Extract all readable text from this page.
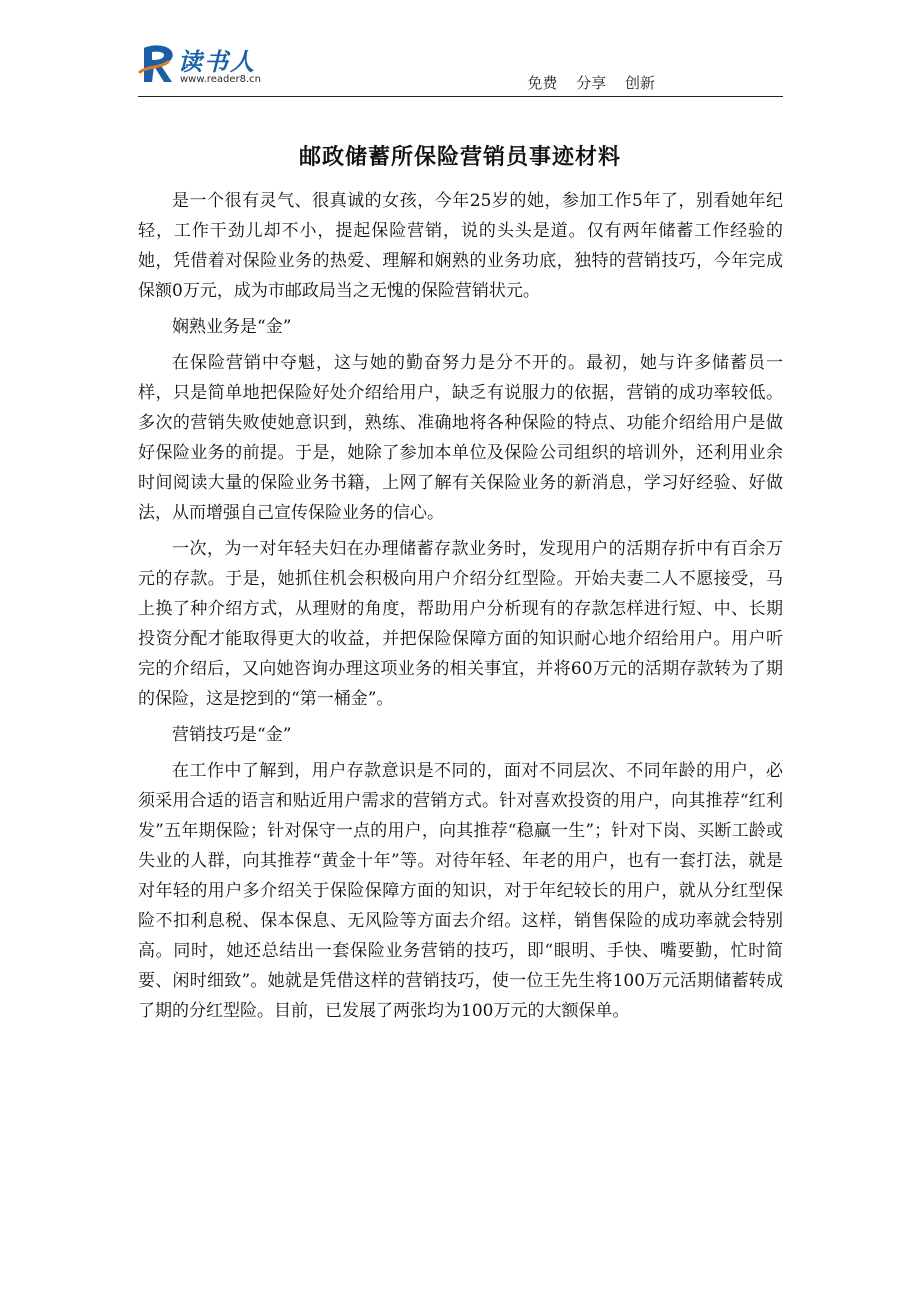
读书人
www.reader8.cn	免费 分享 创新
邮政储蓄所保险营销员事迹材料

是一个很有灵气、很真诚的女孩，今年25岁的她，参加工作5年了，别看她年纪轻，工作干劲儿却不小，提起保险营销，说的头头是道。仅有两年储蓄工作经验的她，凭借着对保险业务的热爱、理解和娴熟的业务功底，独特的营销技巧，今年完成保额0万元，成为市邮政局当之无愧的保险营销状元。

娴熟业务是“金”

在保险营销中夺魁，这与她的勤奋努力是分不开的。最初，她与许多储蓄员一样，只是简单地把保险好处介绍给用户，缺乏有说服力的依据，营销的成功率较低。多次的营销失败使她意识到，熟练、准确地将各种保险的特点、功能介绍给用户是做好保险业务的前提。于是，她除了参加本单位及保险公司组织的培训外，还利用业余时间阅读大量的保险业务书籍，上网了解有关保险业务的新消息，学习好经验、好做法，从而增强自己宣传保险业务的信心。

一次，为一对年轻夫妇在办理储蓄存款业务时，发现用户的活期存折中有百余万元的存款。于是，她抓住机会积极向用户介绍分红型险。开始夫妻二人不愿接受，马上换了种介绍方式，从理财的角度，帮助用户分析现有的存款怎样进行短、中、长期投资分配才能取得更大的收益，并把保险保障方面的知识耐心地介绍给用户。用户听完的介绍后，又向她咨询办理这项业务的相关事宜，并将60万元的活期存款转为了期的保险，这是挖到的“第一桶金”。

营销技巧是“金”

在工作中了解到，用户存款意识是不同的，面对不同层次、不同年龄的用户，必须采用合适的语言和贴近用户需求的营销方式。针对喜欢投资的用户，向其推荐“红利发”五年期保险；针对保守一点的用户，向其推荐“稳赢一生”；针对下岗、买断工龄或失业的人群，向其推荐“黄金十年”等。对待年轻、年老的用户，也有一套打法，就是对年轻的用户多介绍关于保险保障方面的知识，对于年纪较长的用户，就从分红型保险不扣利息税、保本保息、无风险等方面去介绍。这样，销售保险的成功率就会特别高。同时，她还总结出一套保险业务营销的技巧，即“眼明、手快、嘴要勤，忙时简要、闲时细致”。她就是凭借这样的营销技巧，使一位王先生将100万元活期储蓄转成了期的分红型险。目前，已发展了两张均为100万元的大额保单。
